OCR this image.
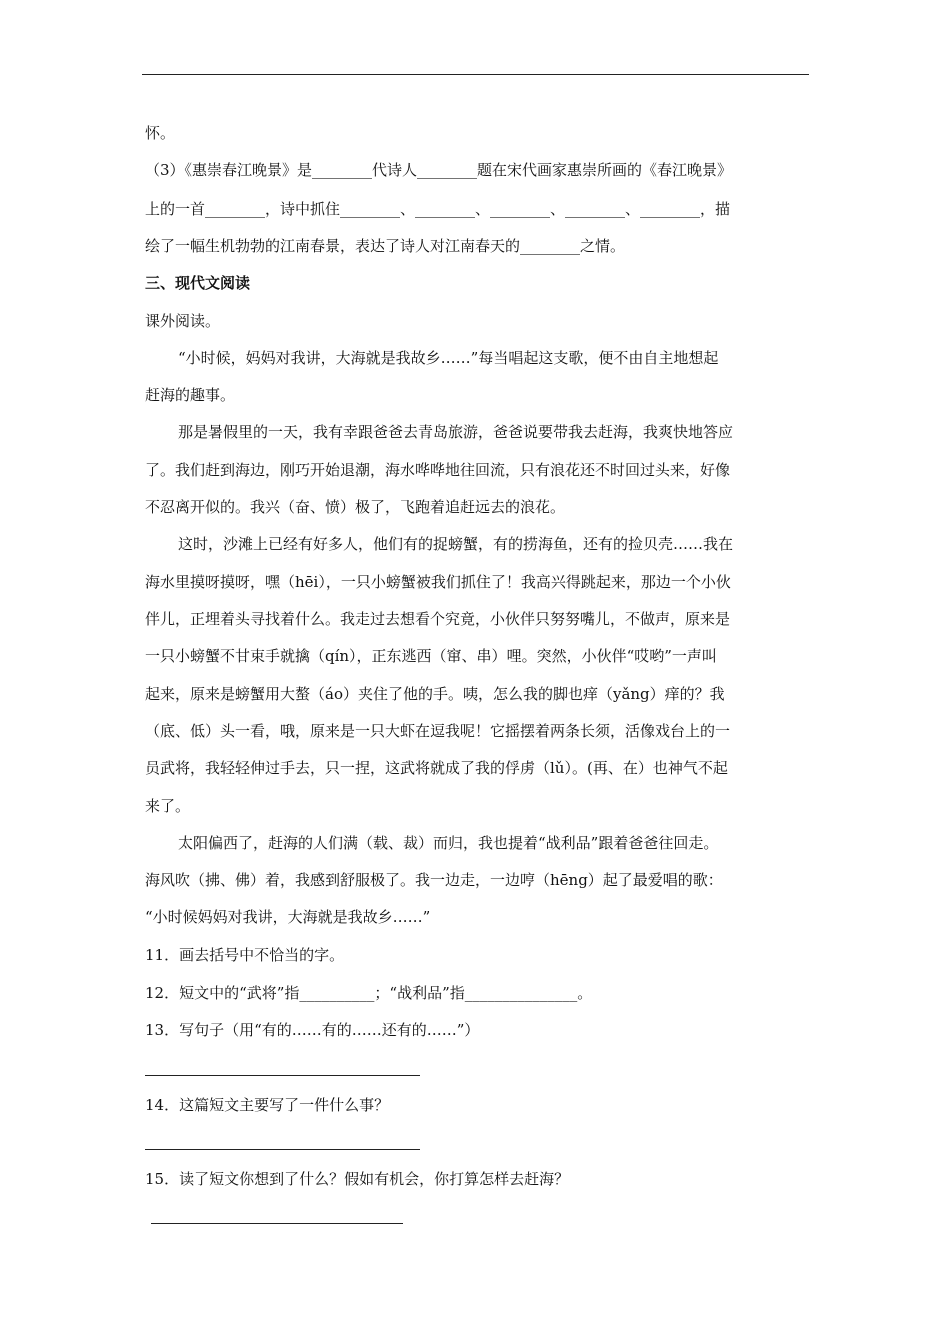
怀。
（3）《惠崇春江晚景》是________代诗人________题在宋代画家惠崇所画的《春江晚景》
上的一首________，诗中抓住________、________、________、________、________，描
绘了一幅生机勃勃的江南春景，表达了诗人对江南春天的________之情。
三、现代文阅读
课外阅读。
“小时候，妈妈对我讲，大海就是我故乡……”每当唱起这支歌，便不由自主地想起
赶海的趣事。
那是暑假里的一天，我有幸跟爸爸去青岛旅游，爸爸说要带我去赶海，我爽快地答应
了。我们赶到海边，刚巧开始退潮，海水哗哗地往回流，只有浪花还不时回过头来，好像
不忍离开似的。我兴（奋、愤）极了，飞跑着追赶远去的浪花。
这时，沙滩上已经有好多人，他们有的捉螃蟹，有的捞海鱼，还有的捡贝壳……我在
海水里摸呀摸呀，嘿（hēi），一只小螃蟹被我们抓住了！我高兴得跳起来，那边一个小伙
伴儿，正埋着头寻找着什么。我走过去想看个究竟，小伙伴只努努嘴儿，不做声，原来是
一只小螃蟹不甘束手就擒（qín），正东逃西（窜、串）哩。突然，小伙伴“哎哟”一声叫
起来，原来是螃蟹用大螯（áo）夹住了他的手。咦，怎么我的脚也痒（yǎng）痒的？我
（底、低）头一看，哦，原来是一只大虾在逗我呢！它摇摆着两条长须，活像戏台上的一
员武将，我轻轻伸过手去，只一捏，这武将就成了我的俘虏（lǔ）。(再、在）也神气不起
来了。
太阳偏西了，赶海的人们满（载、裁）而归，我也提着“战利品”跟着爸爸往回走。
海风吹（拂、佛）着，我感到舒服极了。我一边走，一边哼（hēng）起了最爱唱的歌：
“小时候妈妈对我讲，大海就是我故乡……”
11．画去括号中不恰当的字。
12．短文中的“武将”指__________；“战利品”指_______________。
13．写句子（用“有的……有的……还有的……”）
14．这篇短文主要写了一件什么事？
15．读了短文你想到了什么？假如有机会，你打算怎样去赶海？
